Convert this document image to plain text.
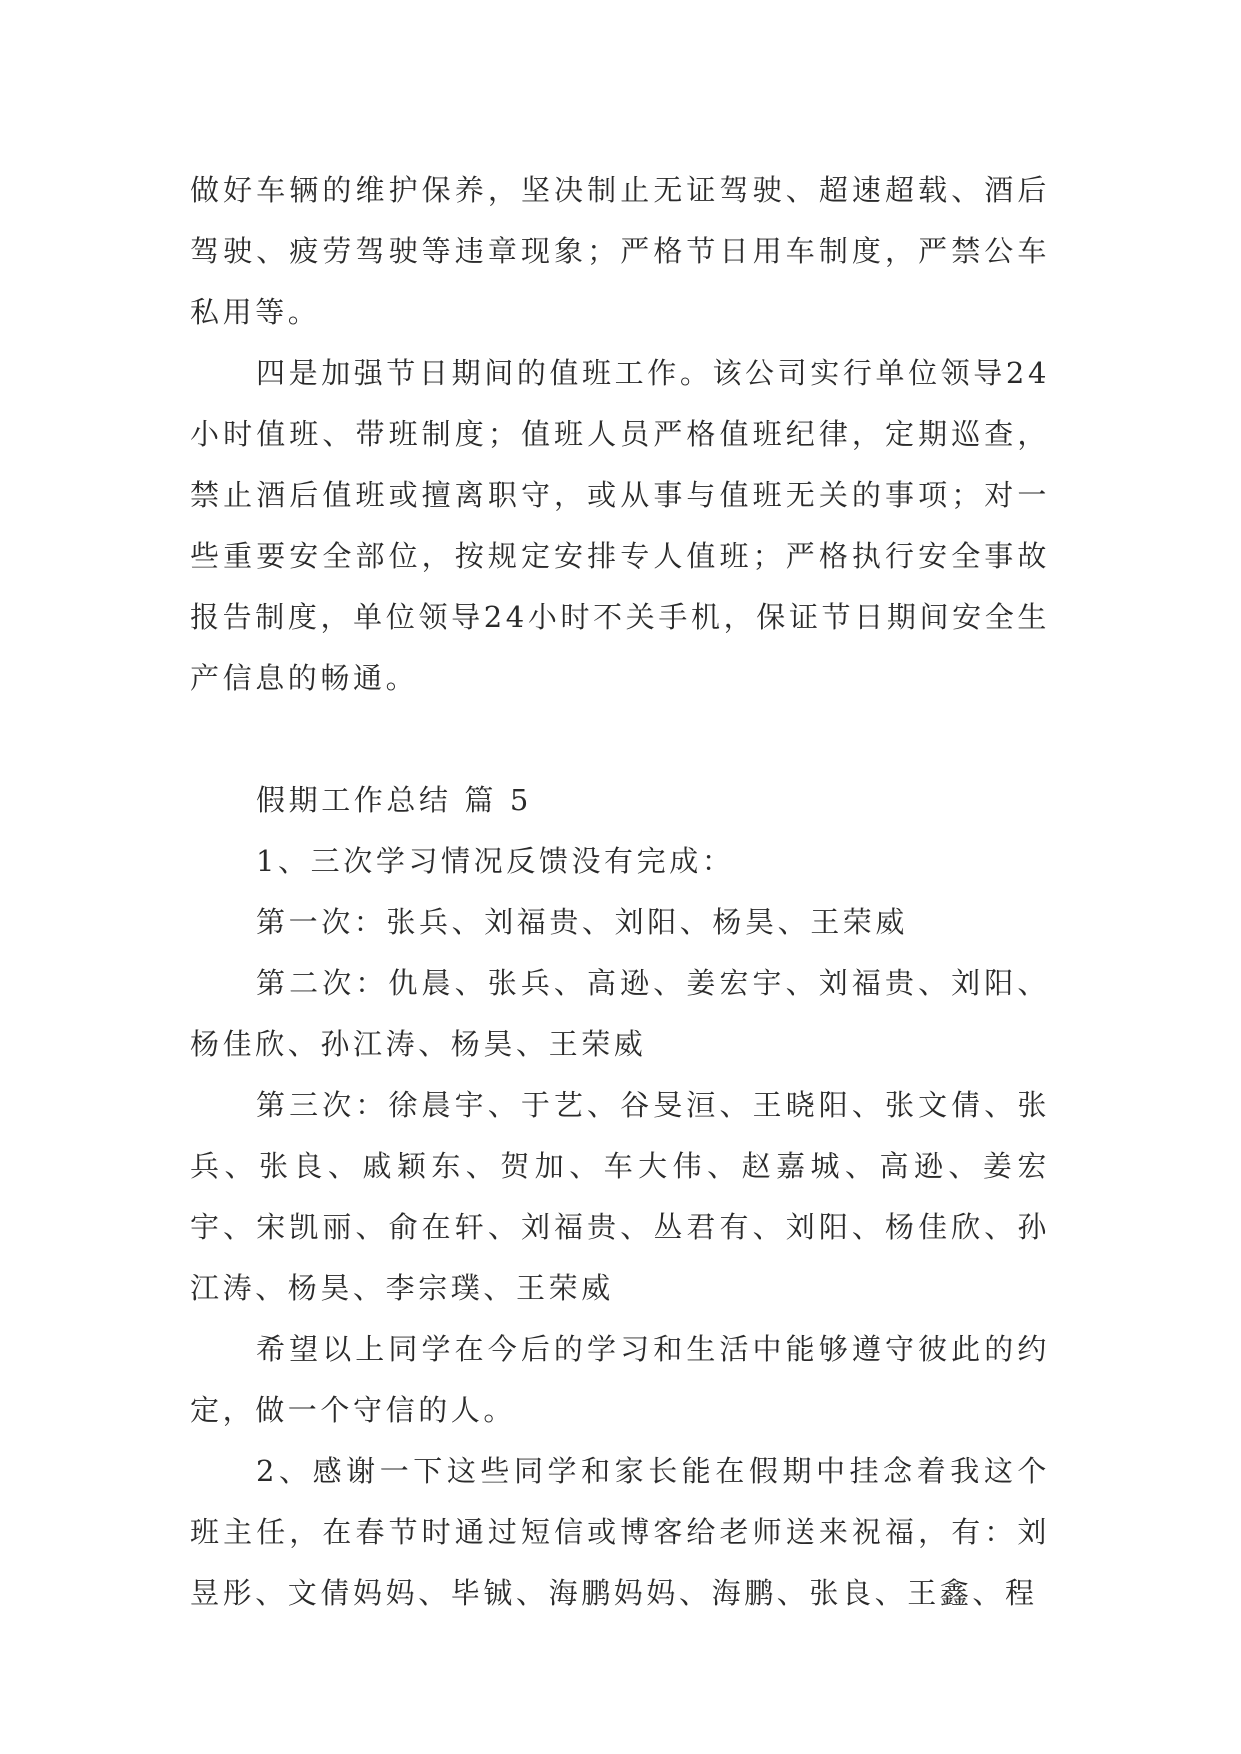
做好车辆的维护保养，坚决制止无证驾驶、超速超载、酒后驾驶、疲劳驾驶等违章现象；严格节日用车制度，严禁公车私用等。

四是加强节日期间的值班工作。该公司实行单位领导24小时值班、带班制度；值班人员严格值班纪律，定期巡查，禁止酒后值班或擅离职守，或从事与值班无关的事项；对一些重要安全部位，按规定安排专人值班；严格执行安全事故报告制度，单位领导24小时不关手机，保证节日期间安全生产信息的畅通。

假期工作总结 篇 5

1、三次学习情况反馈没有完成：

第一次：张兵、刘福贵、刘阳、杨昊、王荣威

第二次：仇晨、张兵、高逊、姜宏宇、刘福贵、刘阳、杨佳欣、孙江涛、杨昊、王荣威

第三次：徐晨宇、于艺、谷旻洹、王晓阳、张文倩、张兵、张良、戚颖东、贺加、车大伟、赵嘉城、高逊、姜宏宇、宋凯丽、俞在轩、刘福贵、丛君有、刘阳、杨佳欣、孙江涛、杨昊、李宗璞、王荣威

希望以上同学在今后的学习和生活中能够遵守彼此的约定，做一个守信的人。

2、感谢一下这些同学和家长能在假期中挂念着我这个班主任，在春节时通过短信或博客给老师送来祝福，有：刘昱彤、文倩妈妈、毕铖、海鹏妈妈、海鹏、张良、王鑫、程
